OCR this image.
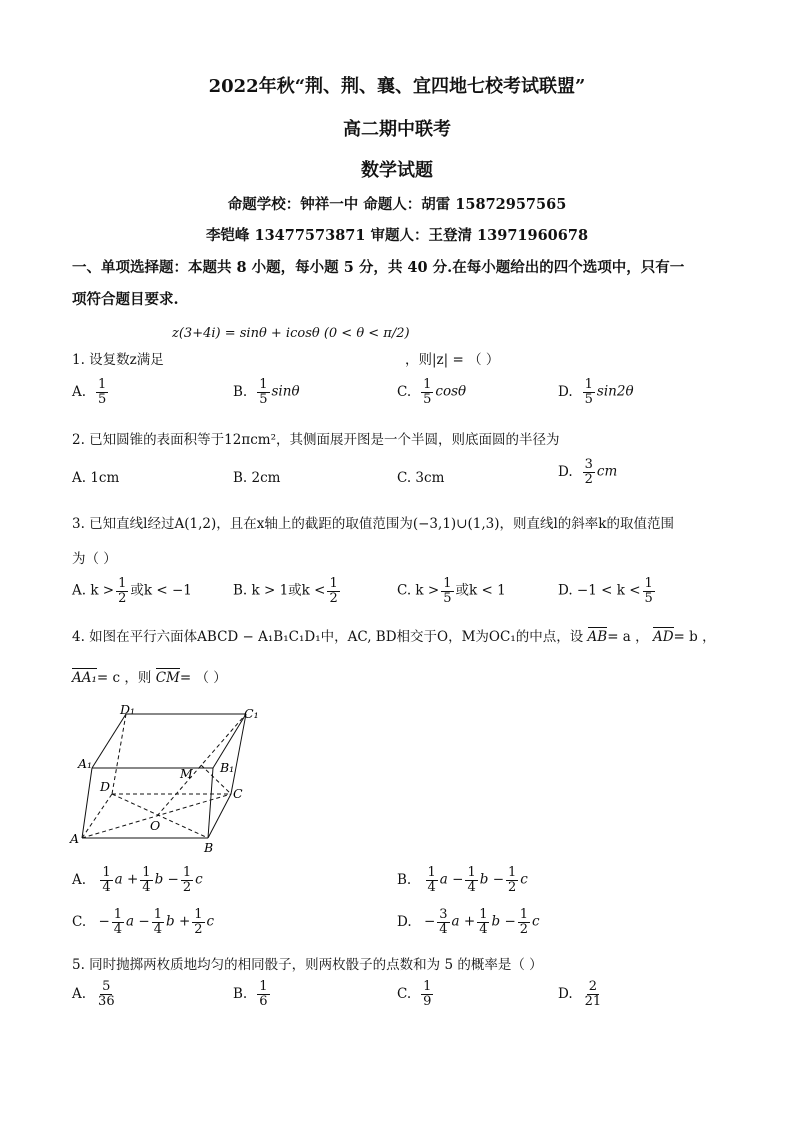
2022年秋“荆、荆、襄、宜四地七校考试联盟”
高二期中联考
数学试题
命题学校：钟祥一中 命题人：胡雷 15872957565
李铠峰 13477573871 审题人：王登清 13971960678
一、单项选择题：本题共 8 小题，每小题 5 分，共 40 分.在每小题给出的四个选项中，只有一
项符合题目要求.
z(3+4i) = sinθ + icosθ (0 < θ < π/2)
1. 设复数z满足	，则|z| = （ ）
A. $\frac{1}{5}$	B. $\frac{1}{5}$ sinθ	C. $\frac{1}{5}$ cosθ	D. $\frac{1}{5} \sin 2\theta$
2. 已知圆锥的表面积等于12πcm²，其侧面展开图是一个半圆，则底面圆的半径为
A. 1cm	B. 2cm	C. 3cm	D. $\frac{3}{2}$ cm
3. 已知直线l经过A(1,2)，且在x轴上的截距的取值范围为(−3,1)∪(1,3)，则直线l的斜率k的取值范围
为（ ）
A. $k > \frac{1}{2}$ 或k < −1	B. k > 1或$k < \frac{1}{2}$	C. $k > \frac{1}{5}$ 或k < 1	D. $-1 < k < \frac{1}{5}$
4. 如图在平行六面体ABCD − A₁B₁C₁D₁中，AC, BD相交于O，M为OC₁的中点，设 AB= a ， AD= b ，
AA₁= c ，则 CM= （ ）
D₁	C₁
A₁	B₁
M
D	C
O
A
B
A. $\frac{1}{4}$ $a + \frac{1}{4}$ $b - \frac{1}{2}$ c	B. $\frac{1}{4}$ $a - \frac{1}{4}$ $b - \frac{1}{2}$ c
C. − $\frac{1}{4}$ $a - \frac{1}{4}$ $b + \frac{1}{2}$ c	D. − $\frac{3}{4}$ $a + \frac{1}{4}$ $b - \frac{1}{2}$ c
5. 同时抛掷两枚质地均匀的相同骰子，则两枚骰子的点数和为 5 的概率是（ ）
A. $\frac{5}{36}$	B. $\frac{1}{6}$	C. $\frac{1}{9}$	D. $\frac{2}{21}$
